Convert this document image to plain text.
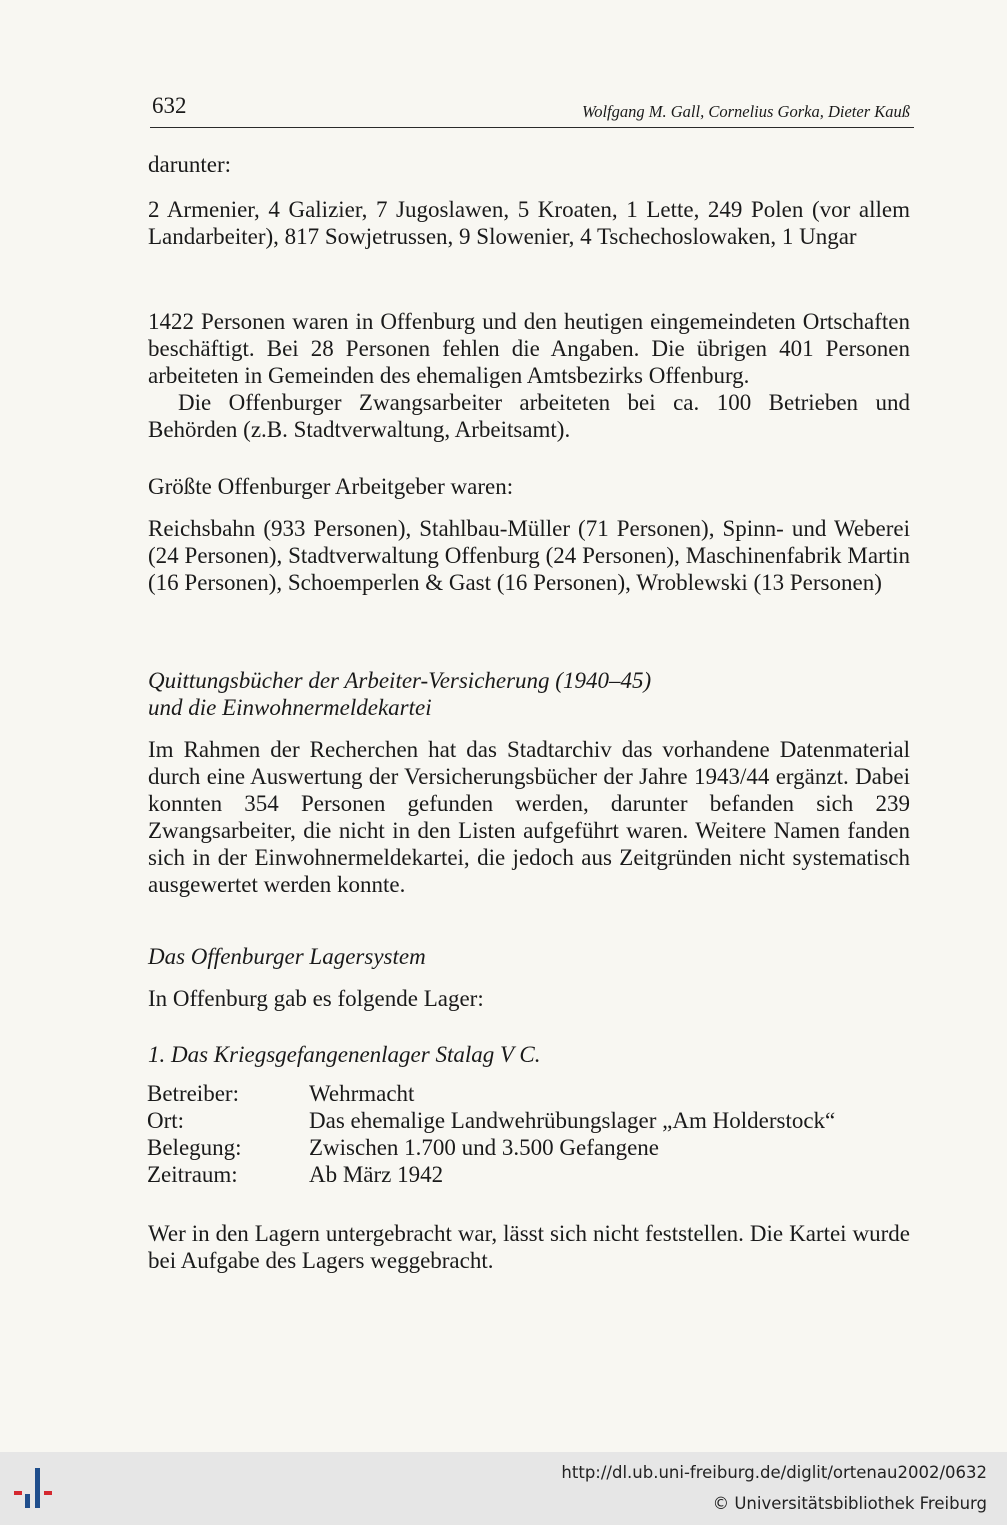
632	Wolfgang M. Gall, Cornelius Gorka, Dieter Kauß

darunter:

2 Armenier, 4 Galizier, 7 Jugoslawen, 5 Kroaten, 1 Lette, 249 Polen (vor allem Landarbeiter), 817 Sowjetrussen, 9 Slowenier, 4 Tschechoslowaken, 1 Ungar

1422 Personen waren in Offenburg und den heutigen eingemeindeten Ortschaften beschäftigt. Bei 28 Personen fehlen die Angaben. Die übrigen 401 Personen arbeiteten in Gemeinden des ehemaligen Amtsbezirks Offenburg.

Die Offenburger Zwangsarbeiter arbeiteten bei ca. 100 Betrieben und Behörden (z.B. Stadtverwaltung, Arbeitsamt).

Größte Offenburger Arbeitgeber waren:

Reichsbahn (933 Personen), Stahlbau-Müller (71 Personen), Spinn- und Weberei (24 Personen), Stadtverwaltung Offenburg (24 Personen), Maschinenfabrik Martin (16 Personen), Schoemperlen & Gast (16 Personen), Wroblewski (13 Personen)

Quittungsbücher der Arbeiter-Versicherung (1940–45)

und die Einwohnermeldekartei

Im Rahmen der Recherchen hat das Stadtarchiv das vorhandene Datenmaterial durch eine Auswertung der Versicherungsbücher der Jahre 1943/44 ergänzt. Dabei konnten 354 Personen gefunden werden, darunter befanden sich 239 Zwangsarbeiter, die nicht in den Listen aufgeführt waren. Weitere Namen fanden sich in der Einwohnermeldekartei, die jedoch aus Zeitgründen nicht systematisch ausgewertet werden konnte.

Das Offenburger Lagersystem

In Offenburg gab es folgende Lager:

1. Das Kriegsgefangenenlager Stalag V C.

Betreiber:	Wehrmacht
Ort:	Das ehemalige Landwehrübungslager „Am Holderstock“
Belegung:	Zwischen 1.700 und 3.500 Gefangene
Zeitraum:	Ab März 1942

Wer in den Lagern untergebracht war, lässt sich nicht feststellen. Die Kartei wurde bei Aufgabe des Lagers weggebracht.

http://dl.ub.uni-freiburg.de/diglit/ortenau2002/0632
© Universitätsbibliothek Freiburg
